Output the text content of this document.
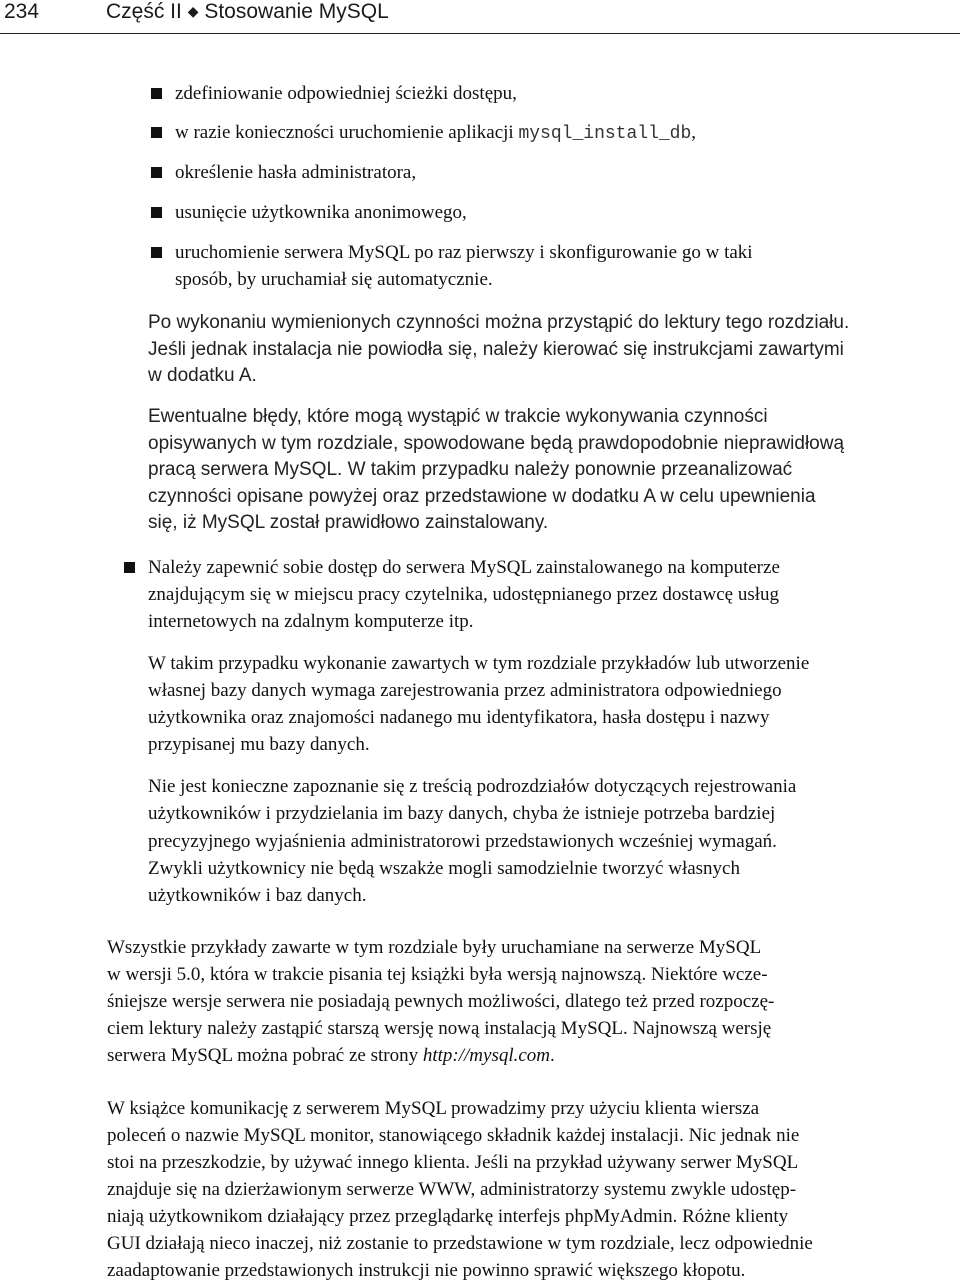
234	Część II ◆ Stosowanie MySQL
zdefiniowanie odpowiedniej ścieżki dostępu,
w razie konieczności uruchomienie aplikacji mysql_install_db,
określenie hasła administratora,
usunięcie użytkownika anonimowego,
uruchomienie serwera MySQL po raz pierwszy i skonfigurowanie go w taki
sposób, by uruchamiał się automatycznie.
Po wykonaniu wymienionych czynności można przystąpić do lektury tego rozdziału.
Jeśli jednak instalacja nie powiodła się, należy kierować się instrukcjami zawartymi
w dodatku A.
Ewentualne błędy, które mogą wystąpić w trakcie wykonywania czynności
opisywanych w tym rozdziale, spowodowane będą prawdopodobnie nieprawidłową
pracą serwera MySQL. W takim przypadku należy ponownie przeanalizować
czynności opisane powyżej oraz przedstawione w dodatku A w celu upewnienia
się, iż MySQL został prawidłowo zainstalowany.
Należy zapewnić sobie dostęp do serwera MySQL zainstalowanego na komputerze
znajdującym się w miejscu pracy czytelnika, udostępnianego przez dostawcę usług
internetowych na zdalnym komputerze itp.
W takim przypadku wykonanie zawartych w tym rozdziale przykładów lub utworzenie
własnej bazy danych wymaga zarejestrowania przez administratora odpowiedniego
użytkownika oraz znajomości nadanego mu identyfikatora, hasła dostępu i nazwy
przypisanej mu bazy danych.
Nie jest konieczne zapoznanie się z treścią podrozdziałów dotyczących rejestrowania
użytkowników i przydzielania im bazy danych, chyba że istnieje potrzeba bardziej
precyzyjnego wyjaśnienia administratorowi przedstawionych wcześniej wymagań.
Zwykli użytkownicy nie będą wszakże mogli samodzielnie tworzyć własnych
użytkowników i baz danych.
Wszystkie przykłady zawarte w tym rozdziale były uruchamiane na serwerze MySQL
w wersji 5.0, która w trakcie pisania tej książki była wersją najnowszą. Niektóre wcze-
śniejsze wersje serwera nie posiadają pewnych możliwości, dlatego też przed rozpoczę-
ciem lektury należy zastąpić starszą wersję nową instalacją MySQL. Najnowszą wersję
serwera MySQL można pobrać ze strony http://mysql.com.
W książce komunikację z serwerem MySQL prowadzimy przy użyciu klienta wiersza
poleceń o nazwie MySQL monitor, stanowiącego składnik każdej instalacji. Nic jednak nie
stoi na przeszkodzie, by używać innego klienta. Jeśli na przykład używany serwer MySQL
znajduje się na dzierżawionym serwerze WWW, administratorzy systemu zwykle udostęp-
niają użytkownikom działający przez przeglądarkę interfejs phpMyAdmin. Różne klienty
GUI działają nieco inaczej, niż zostanie to przedstawione w tym rozdziale, lecz odpowiednie
zaadaptowanie przedstawionych instrukcji nie powinno sprawić większego kłopotu.
